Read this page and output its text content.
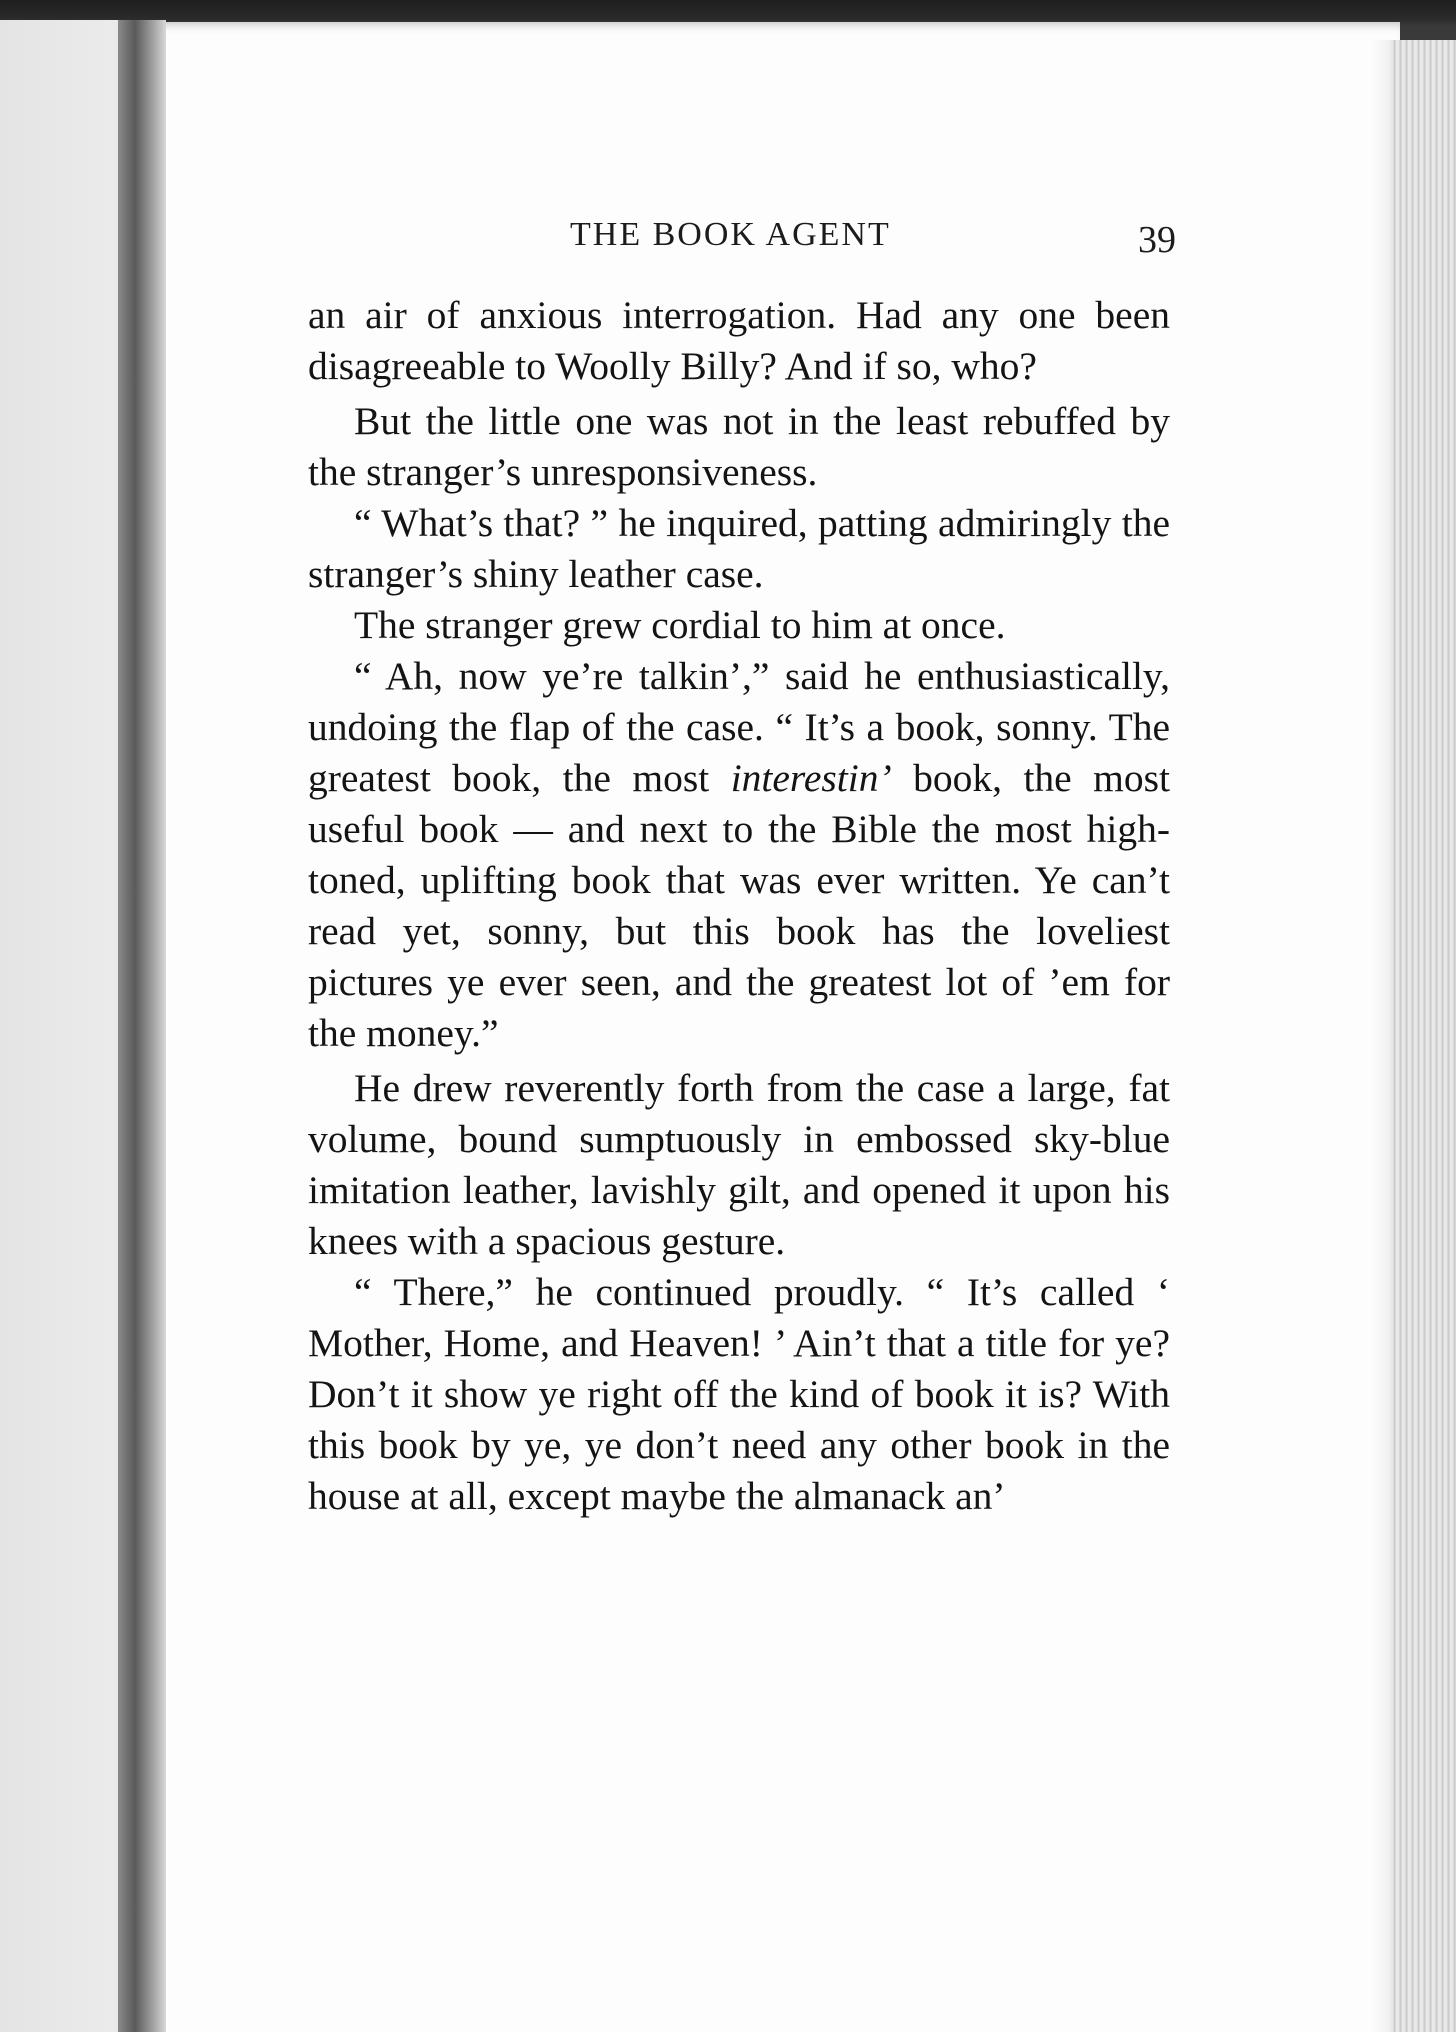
THE BOOK AGENT	39

an air of anxious interrogation. Had any one been disagreeable to Woolly Billy? And if so, who?

But the little one was not in the least rebuffed by the stranger’s unresponsiveness.

“ What’s that? ” he inquired, patting admiringly the stranger’s shiny leather case.

The stranger grew cordial to him at once.

“ Ah, now ye’re talkin’,” said he enthusiastically, undoing the flap of the case. “ It’s a book, sonny. The greatest book, the most interestin’ book, the most useful book — and next to the Bible the most high-toned, uplifting book that was ever written. Ye can’t read yet, sonny, but this book has the loveliest pictures ye ever seen, and the greatest lot of ’em for the money.”

He drew reverently forth from the case a large, fat volume, bound sumptuously in embossed sky-blue imitation leather, lavishly gilt, and opened it upon his knees with a spacious gesture.

“ There,” he continued proudly. “ It’s called ‘ Mother, Home, and Heaven! ’ Ain’t that a title for ye? Don’t it show ye right off the kind of book it is? With this book by ye, ye don’t need any other book in the house at all, except maybe the almanack an’
